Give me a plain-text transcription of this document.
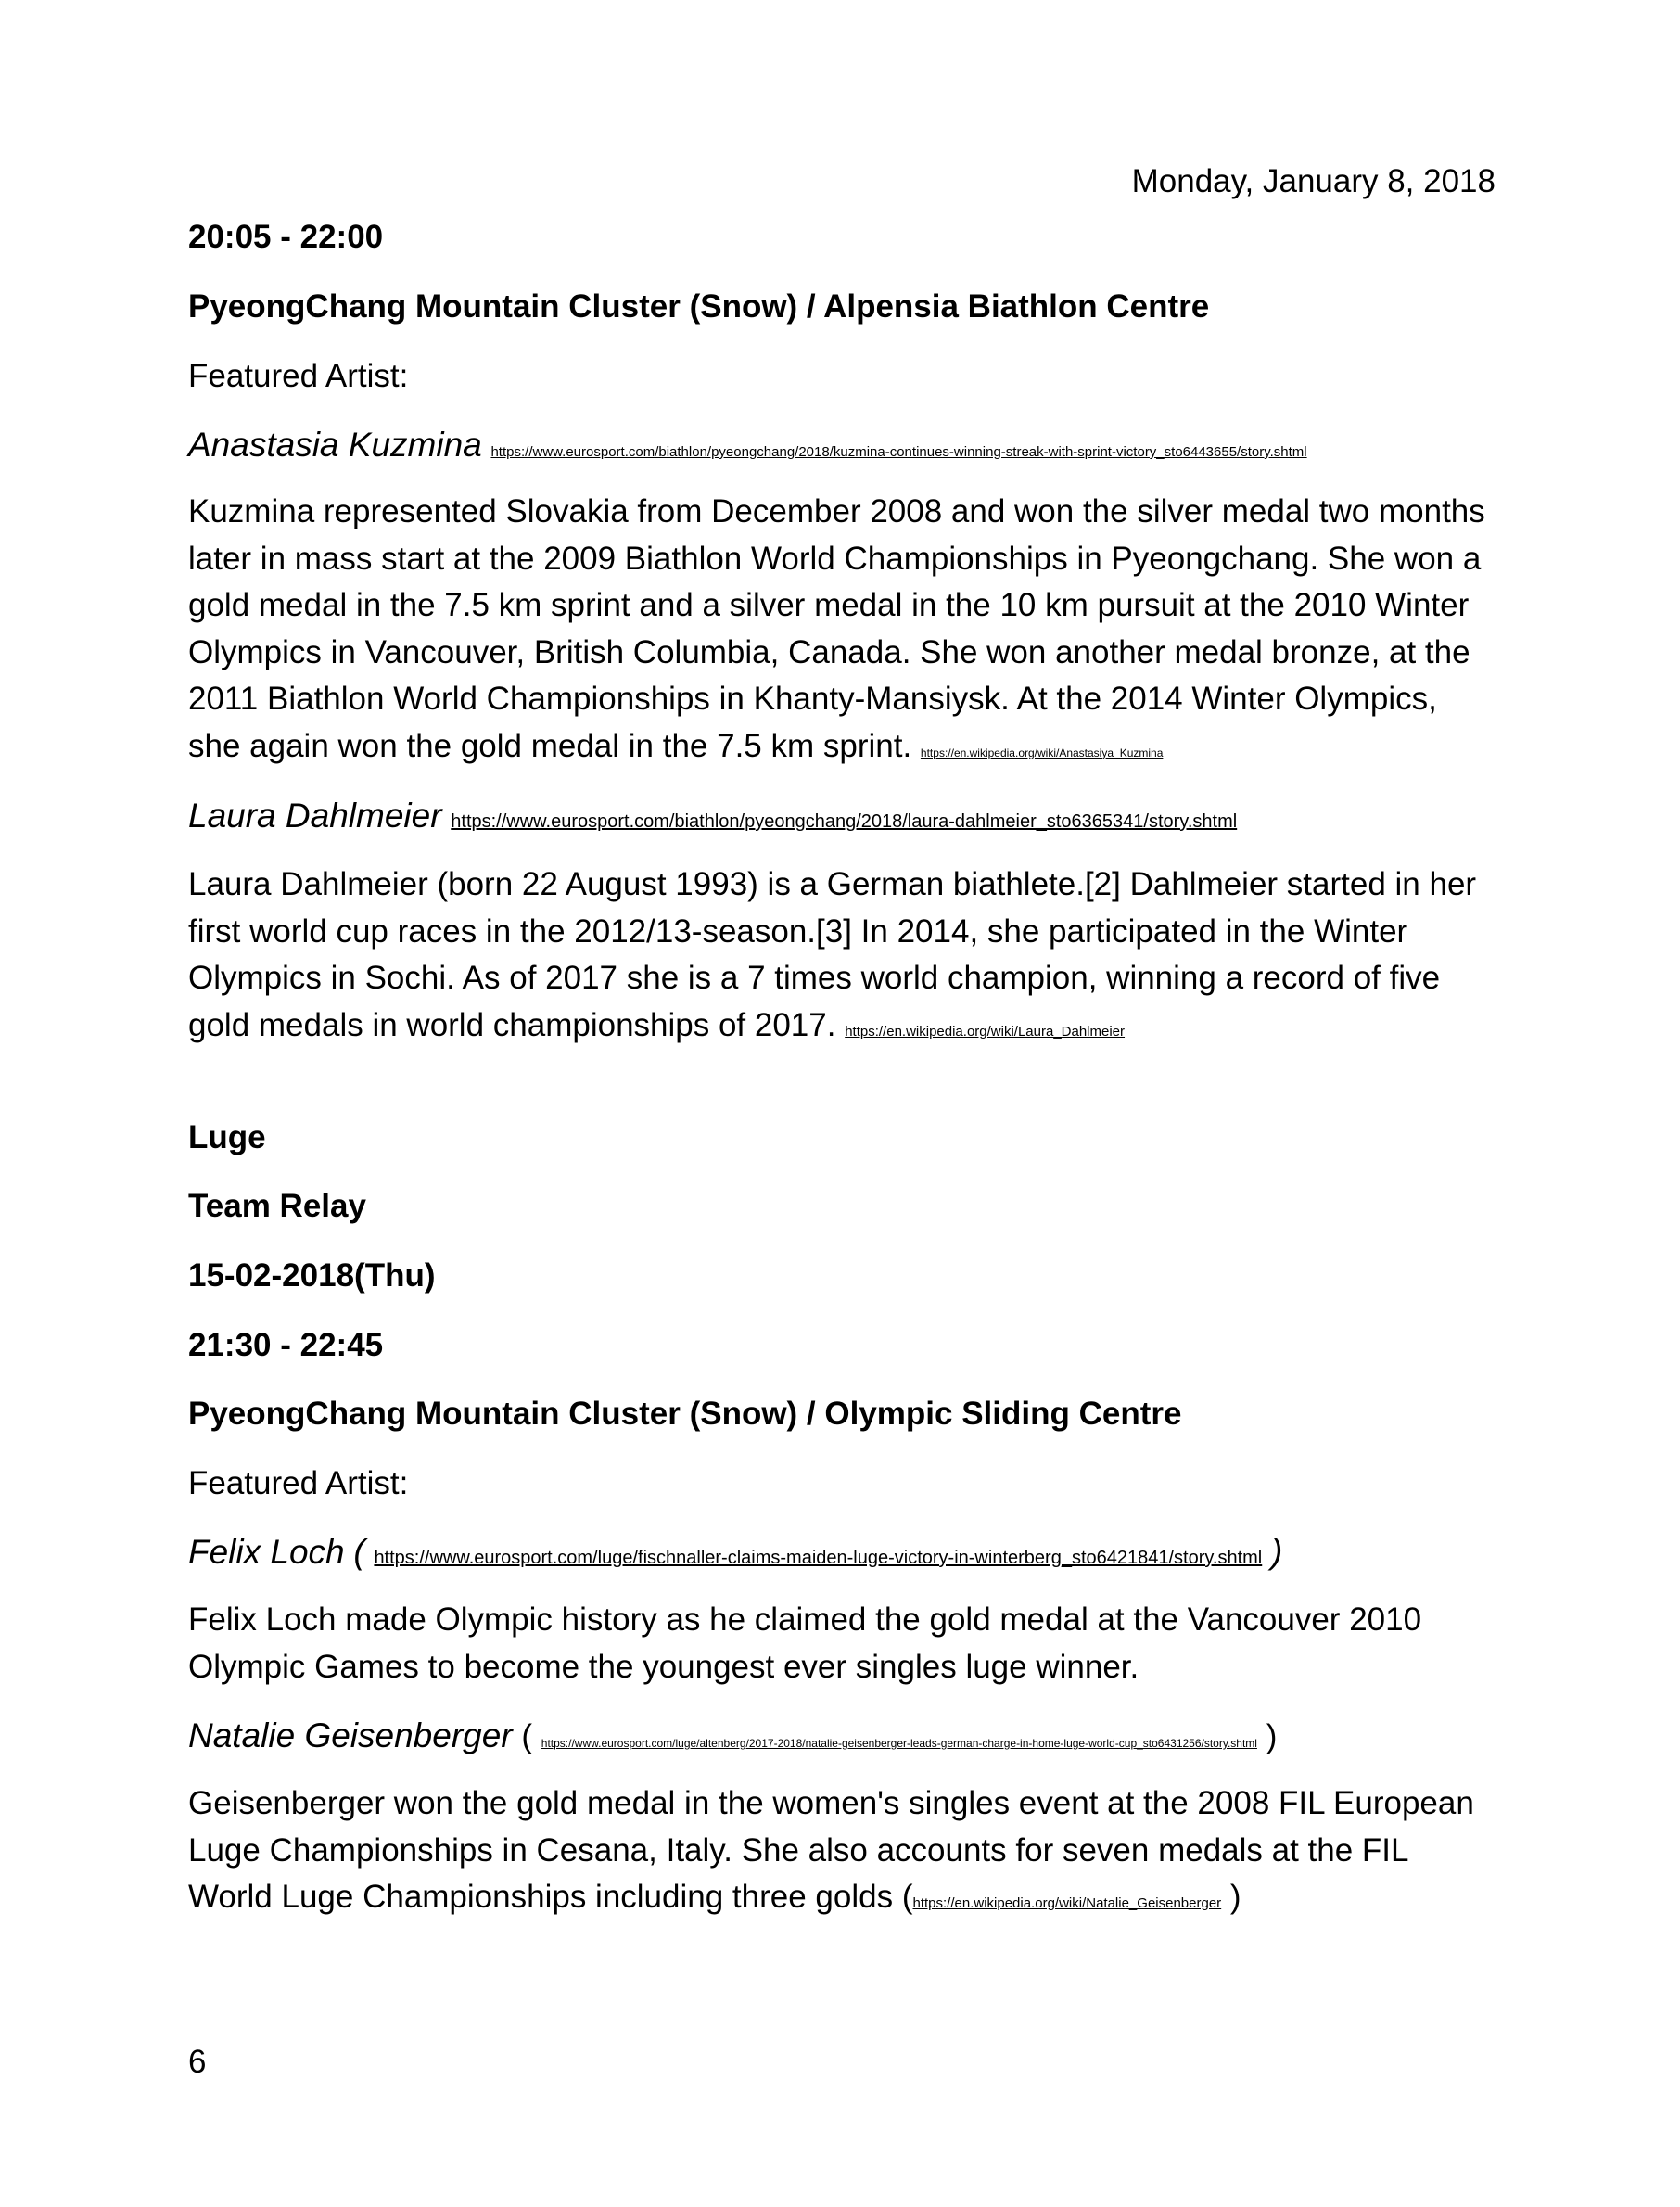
Monday, January 8, 2018
20:05 - 22:00
PyeongChang Mountain Cluster (Snow) / Alpensia Biathlon Centre
Featured Artist:
Anastasia Kuzmina https://www.eurosport.com/biathlon/pyeongchang/2018/kuzmina-continues-winning-streak-with-sprint-victory_sto6443655/story.shtml
Kuzmina represented Slovakia from December 2008 and won the silver medal two months later in mass start at the 2009 Biathlon World Championships in Pyeongchang. She won a gold medal in the 7.5 km sprint and a silver medal in the 10 km pursuit at the 2010 Winter Olympics in Vancouver, British Columbia, Canada. She won another medal bronze, at the 2011 Biathlon World Championships in Khanty-Mansiysk. At the 2014 Winter Olympics, she again won the gold medal in the 7.5 km sprint. https://en.wikipedia.org/wiki/Anastasiya_Kuzmina
Laura Dahlmeier https://www.eurosport.com/biathlon/pyeongchang/2018/laura-dahlmeier_sto6365341/story.shtml
Laura Dahlmeier (born 22 August 1993) is a German biathlete.[2] Dahlmeier started in her first world cup races in the 2012/13-season.[3] In 2014, she participated in the Winter Olympics in Sochi. As of 2017 she is a 7 times world champion, winning a record of five gold medals in world championships of 2017. https://en.wikipedia.org/wiki/Laura_Dahlmeier
Luge
Team Relay
15-02-2018(Thu)
21:30 - 22:45
PyeongChang Mountain Cluster (Snow) / Olympic Sliding Centre
Featured Artist:
Felix Loch ( https://www.eurosport.com/luge/fischnaller-claims-maiden-luge-victory-in-winterberg_sto6421841/story.shtml )
Felix Loch made Olympic history as he claimed the gold medal at the Vancouver 2010 Olympic Games to become the youngest ever singles luge winner.
Natalie Geisenberger ( https://www.eurosport.com/luge/altenberg/2017-2018/natalie-geisenberger-leads-german-charge-in-home-luge-world-cup_sto6431256/story.shtml )
Geisenberger won the gold medal in the women's singles event at the 2008 FIL European Luge Championships in Cesana, Italy. She also accounts for seven medals at the FIL World Luge Championships including three golds (https://en.wikipedia.org/wiki/Natalie_Geisenberger )
6
